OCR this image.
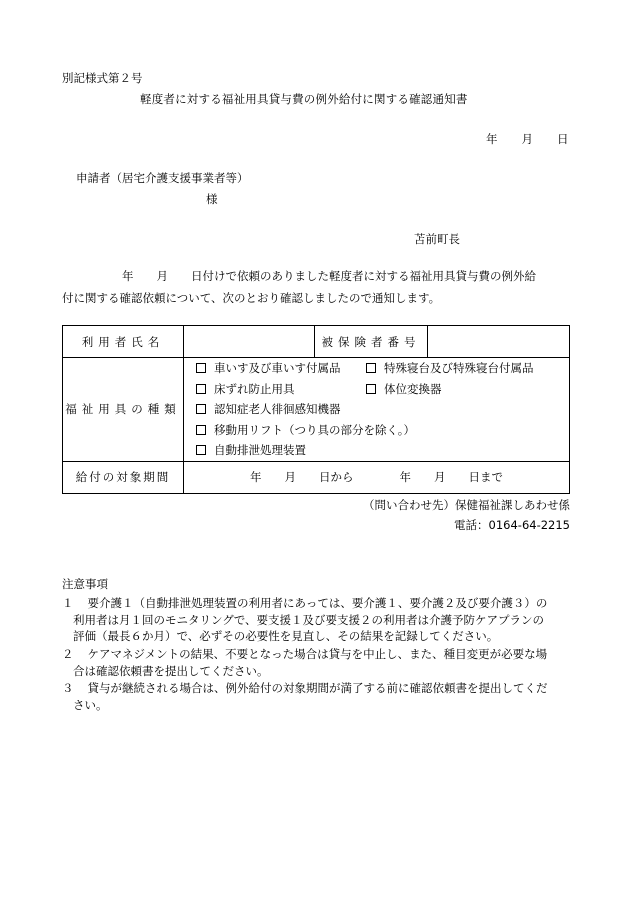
別記様式第２号
軽度者に対する福祉用具貸与費の例外給付に関する確認通知書
年 月 日
申請者（居宅介護支援事業者等）
様
苫前町長
年　　月　　日付けで依頼のありました軽度者に対する福祉用具貸与費の例外給
付に関する確認依頼について、次のとおり確認しましたので通知します。
利用者氏名		被保険者番号	
福祉用具の種類	車いす及び車いす付属品 特殊寝台及び特殊寝台付属品
床ずれ防止用具 体位変換器
認知症老人徘徊感知機器
移動用リフト（つり具の部分を除く。）
自動排泄処理装置		

給付の対象期間	年　　月　　日から　　　　年　　月　　日まで		
（問い合わせ先）保健福祉課しあわせ係
電話：0164-64-2215
注意事項
１ 要介護１（自動排泄処理装置の利用者にあっては、要介護１、要介護２及び要介護３）の
利用者は月１回のモニタリングで、要支援１及び要支援２の利用者は介護予防ケアプランの
評価（最長６か月）で、必ずその必要性を見直し、その結果を記録してください。
２ ケアマネジメントの結果、不要となった場合は貸与を中止し、また、種目変更が必要な場
合は確認依頼書を提出してください。
３ 貸与が継続される場合は、例外給付の対象期間が満了する前に確認依頼書を提出してくだ
さい。
